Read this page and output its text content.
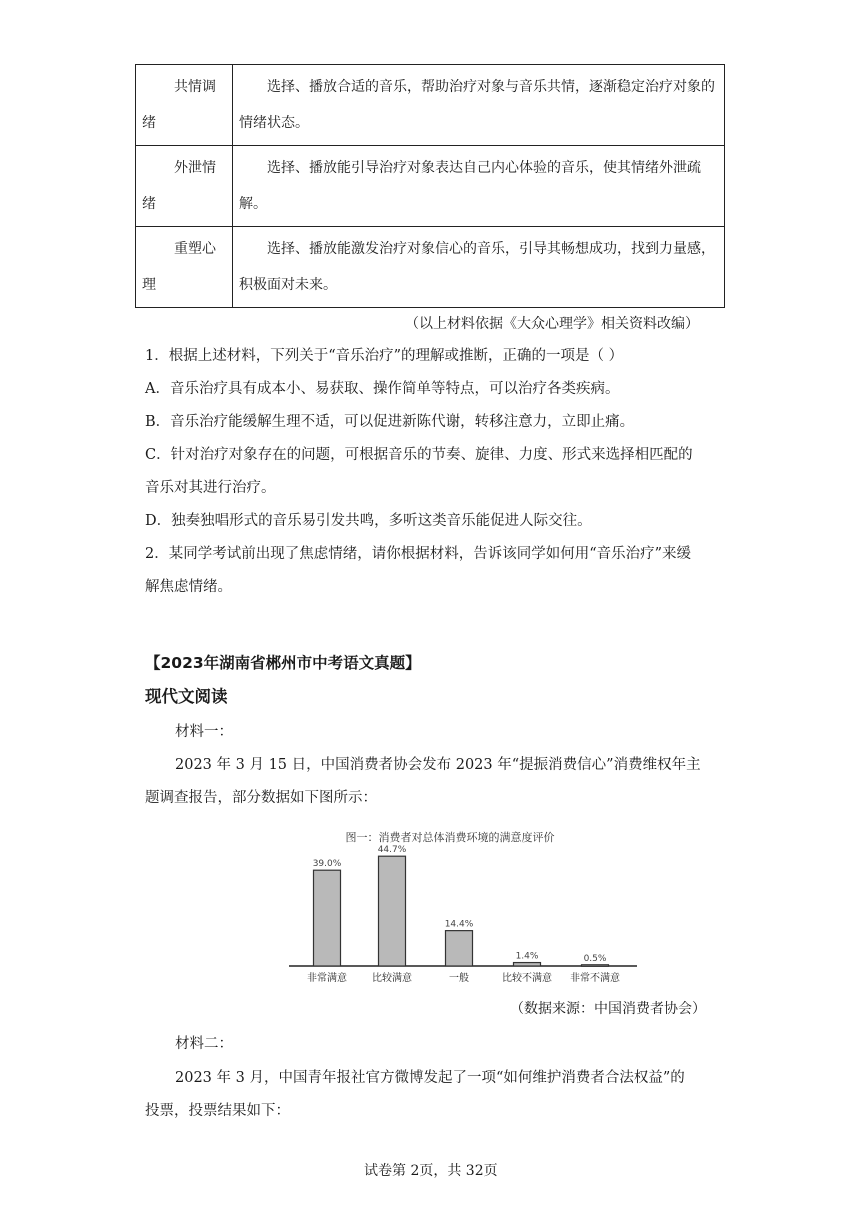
共情调
绪	选择、播放合适的音乐，帮助治疗对象与音乐共情，逐渐稳定治疗对象的情绪状态。

外泄情
绪	选择、播放能引导治疗对象表达自己内心体验的音乐，使其情绪外泄疏解。

重塑心
理	选择、播放能激发治疗对象信心的音乐，引导其畅想成功，找到力量感，积极面对未来。
（以上材料依据《大众心理学》相关资料改编）
1．根据上述材料，下列关于“音乐治疗”的理解或推断，正确的一项是（ ）
A．音乐治疗具有成本小、易获取、操作简单等特点，可以治疗各类疾病。
B．音乐治疗能缓解生理不适，可以促进新陈代谢，转移注意力，立即止痛。
C．针对治疗对象存在的问题，可根据音乐的节奏、旋律、力度、形式来选择相匹配的
音乐对其进行治疗。
D．独奏独唱形式的音乐易引发共鸣，多听这类音乐能促进人际交往。
2．某同学考试前出现了焦虑情绪，请你根据材料，告诉该同学如何用“音乐治疗”来缓
解焦虑情绪。
【2023年湖南省郴州市中考语文真题】
现代文阅读
材料一：
2023 年 3 月 15 日，中国消费者协会发布 2023 年“提振消费信心”消费维权年主
题调查报告，部分数据如下图所示：
图一：消费者对总体消费环境的满意度评价
39.0%
非常满意
44.7%
比较满意
14.4%
一般
1.4%
比较不满意
0.5%
非常不满意
（数据来源：中国消费者协会）
材料二：
2023 年 3 月，中国青年报社官方微博发起了一项“如何维护消费者合法权益”的
投票，投票结果如下：
试卷第 2页，共 32页
